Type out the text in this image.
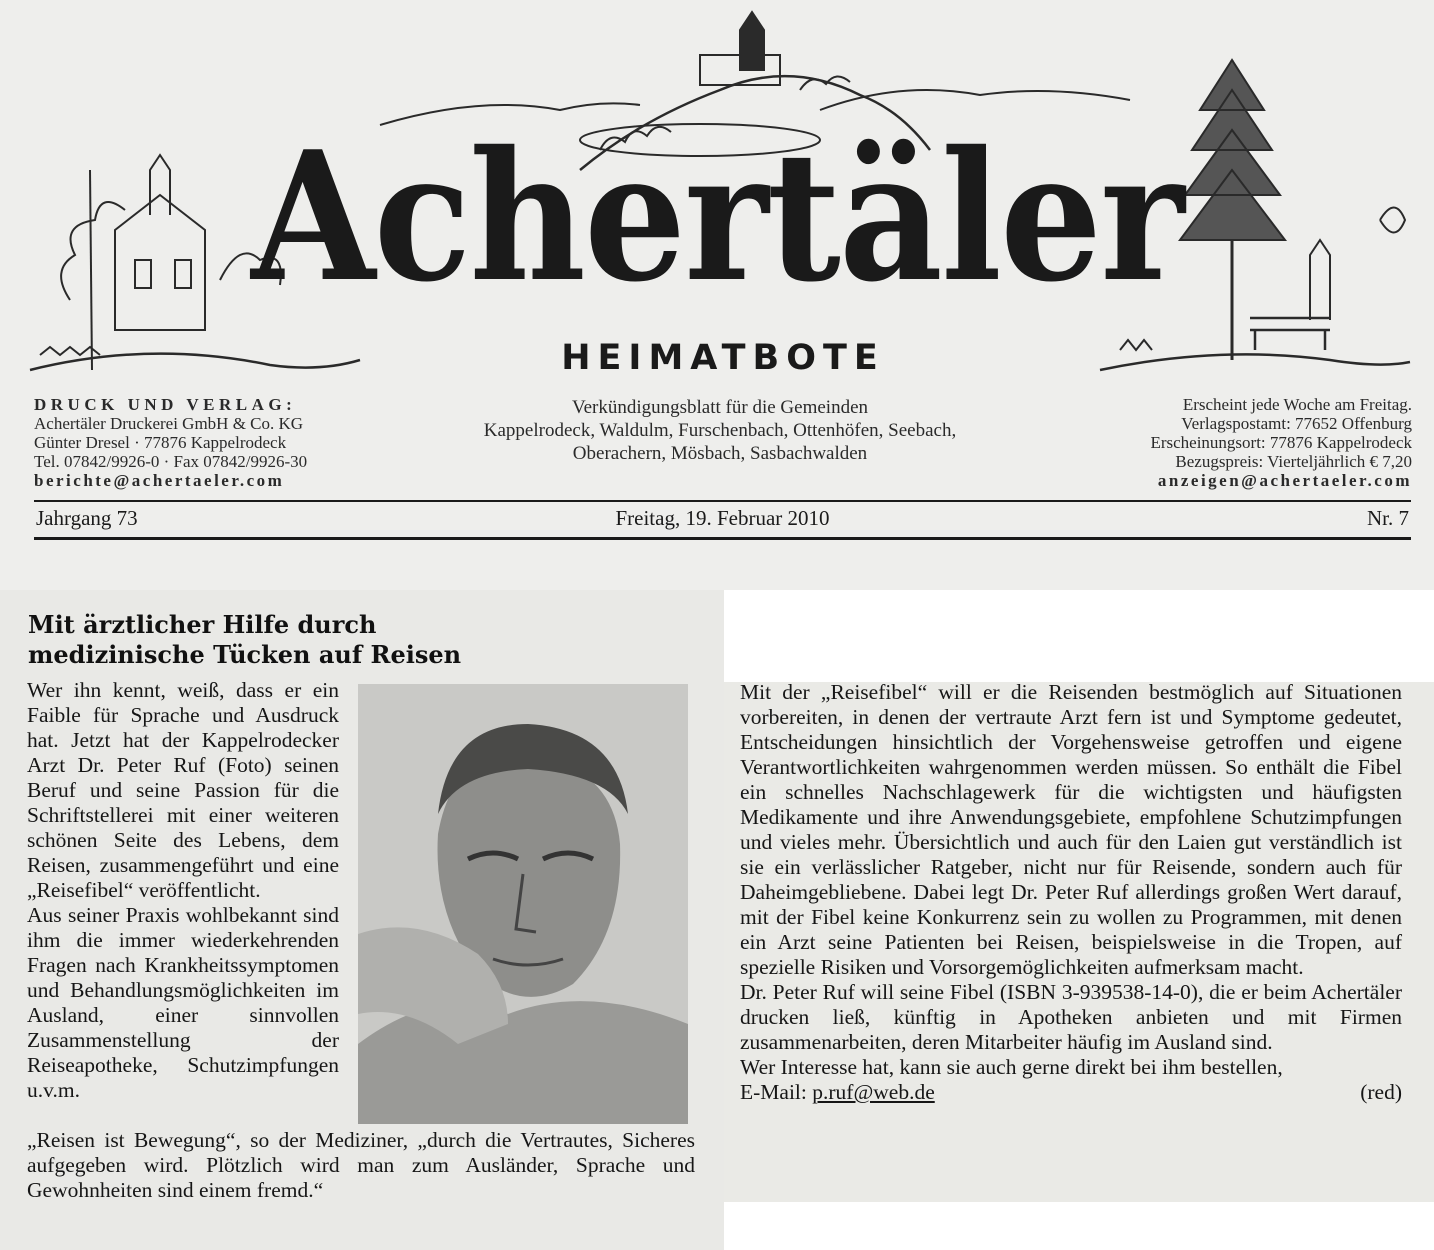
Achertäler
HEIMATBOTE
DRUCK UND VERLAG:
Achertäler Druckerei GmbH & Co. KG
Günter Dresel · 77876 Kappelrodeck
Tel. 07842/9926-0 · Fax 07842/9926-30
berichte@achertaeler.com
Verkündigungsblatt für die Gemeinden
Kappelrodeck, Waldulm, Furschenbach, Ottenhöfen, Seebach,
Oberachern, Mösbach, Sasbachwalden
Erscheint jede Woche am Freitag.
Verlagspostamt: 77652 Offenburg
Erscheinungsort: 77876 Kappelrodeck
Bezugspreis: Vierteljährlich € 7,20
anzeigen@achertaeler.com
Jahrgang 73	Freitag, 19. Februar 2010	Nr. 7
Mit ärztlicher Hilfe durch
medizinische Tücken auf Reisen

Wer ihn kennt, weiß, dass er ein Faible für Sprache und Ausdruck hat. Jetzt hat der Kappelrodecker Arzt Dr. Peter Ruf (Foto) seinen Beruf und seine Passion für die Schriftstellerei mit einer weiteren schönen Seite des Lebens, dem Reisen, zusammengeführt und eine „Reisefibel“ veröffentlicht.

Aus seiner Praxis wohlbekannt sind ihm die immer wiederkehrenden Fragen nach Krankheitssymptomen und Behandlungsmöglichkeiten im Ausland, einer sinnvollen Zusammenstellung der Reiseapotheke, Schutzimpfungen u.v.m.

„Reisen ist Bewegung“, so der Mediziner, „durch die Vertrautes, Sicheres aufgegeben wird. Plötzlich wird man zum Ausländer, Sprache und Gewohnheiten sind einem fremd.“

Mit der „Reisefibel“ will er die Reisenden bestmöglich auf Situationen vorbereiten, in denen der vertraute Arzt fern ist und Symptome gedeutet, Entscheidungen hinsichtlich der Vorgehensweise getroffen und eigene Verantwortlichkeiten wahrgenommen werden müssen. So enthält die Fibel ein schnelles Nachschlagewerk für die wichtigsten und häufigsten Medikamente und ihre Anwendungsgebiete, empfohlene Schutzimpfungen und vieles mehr. Übersichtlich und auch für den Laien gut verständlich ist sie ein verlässlicher Ratgeber, nicht nur für Reisende, sondern auch für Daheimgebliebene. Dabei legt Dr. Peter Ruf allerdings großen Wert darauf, mit der Fibel keine Konkurrenz sein zu wollen zu Programmen, mit denen ein Arzt seine Patienten bei Reisen, beispielsweise in die Tropen, auf spezielle Risiken und Vorsorgemöglichkeiten aufmerksam macht.

Dr. Peter Ruf will seine Fibel (ISBN 3-939538-14-0), die er beim Achertäler drucken ließ, künftig in Apotheken anbieten und mit Firmen zusammenarbeiten, deren Mitarbeiter häufig im Ausland sind.

Wer Interesse hat, kann sie auch gerne direkt bei ihm bestellen,

E-Mail: p.ruf@web.de	(red)
